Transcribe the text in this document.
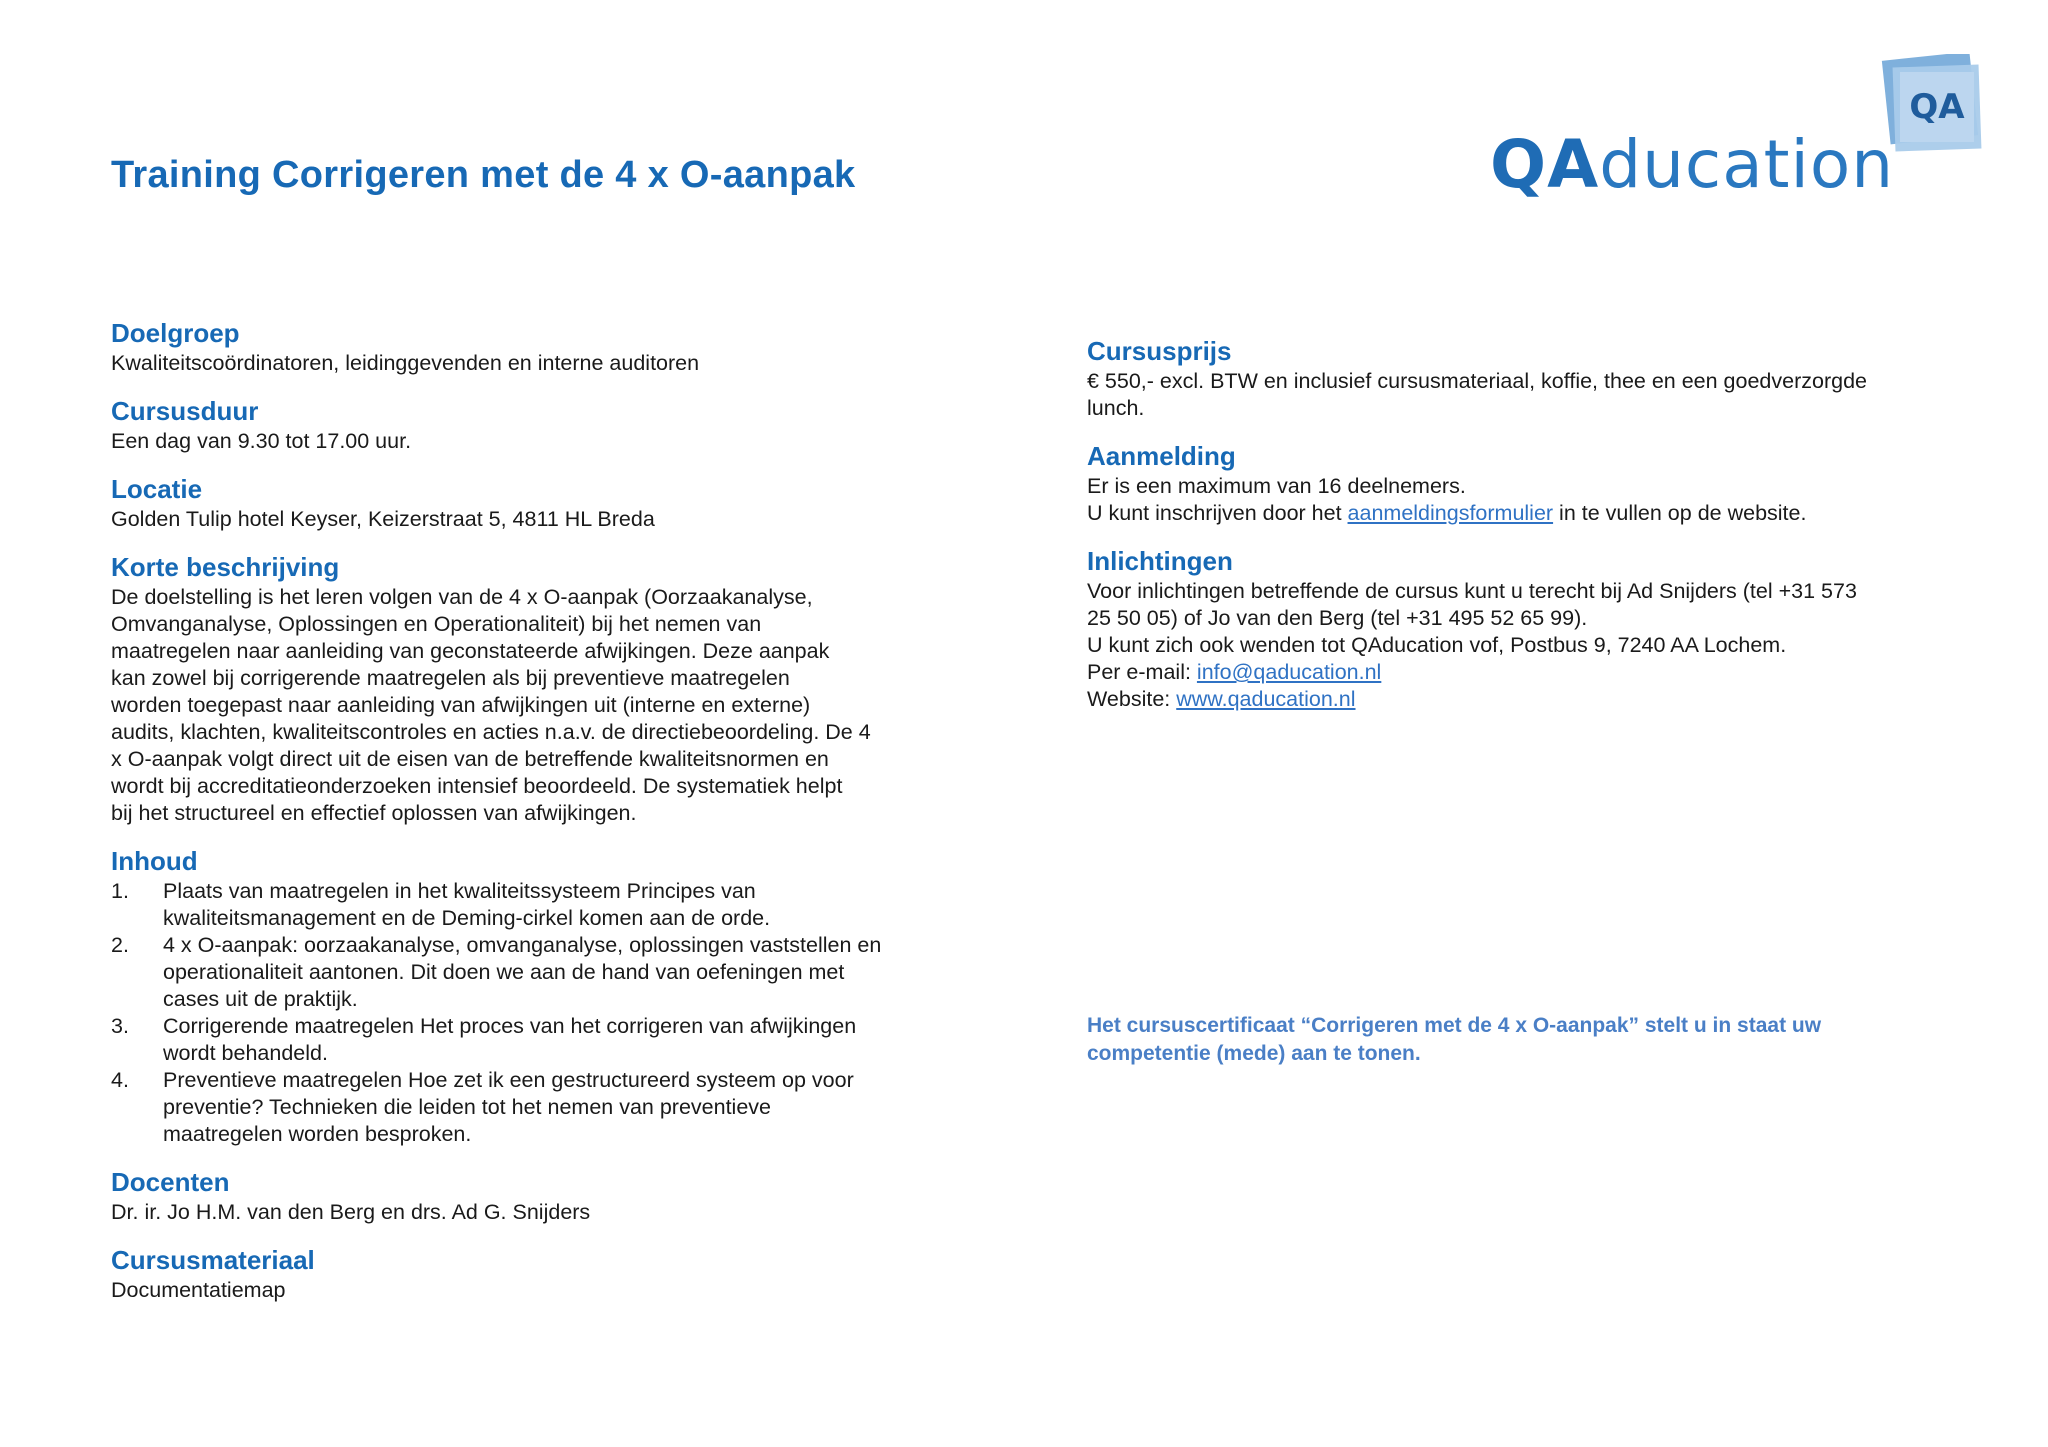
Training Corrigeren met de 4 x O-aanpak
QA
QAducation
Doelgroep

Kwaliteitscoördinatoren, leidinggevenden en interne auditoren

Cursusduur

Een dag van 9.30 tot 17.00 uur.

Locatie

Golden Tulip hotel Keyser, Keizerstraat 5, 4811 HL Breda

Korte beschrijving

De doelstelling is het leren volgen van de 4 x O-aanpak (Oorzaakanalyse,

Omvanganalyse, Oplossingen en Operationaliteit) bij het nemen van

maatregelen naar aanleiding van geconstateerde afwijkingen. Deze aanpak

kan zowel bij corrigerende maatregelen als bij preventieve maatregelen

worden toegepast naar aanleiding van afwijkingen uit (interne en externe)

audits, klachten, kwaliteitscontroles en acties n.a.v. de directiebeoordeling. De 4

x O-aanpak volgt direct uit de eisen van de betreffende kwaliteitsnormen en

wordt bij accreditatieonderzoeken intensief beoordeeld. De systematiek helpt

bij het structureel en effectief oplossen van afwijkingen.

Inhoud
1.	Plaats van maatregelen in het kwaliteitssysteem Principes van
kwaliteitsmanagement en de Deming-cirkel komen aan de orde.
2.	4 x O-aanpak: oorzaakanalyse, omvanganalyse, oplossingen vaststellen en
operationaliteit aantonen. Dit doen we aan de hand van oefeningen met
cases uit de praktijk.
3.	Corrigerende maatregelen Het proces van het corrigeren van afwijkingen
wordt behandeld.
4.	Preventieve maatregelen Hoe zet ik een gestructureerd systeem op voor
preventie? Technieken die leiden tot het nemen van preventieve
maatregelen worden besproken.
Docenten

Dr. ir. Jo H.M. van den Berg en drs. Ad G. Snijders

Cursusmateriaal

Documentatiemap

Cursusprijs

€ 550,- excl. BTW en inclusief cursusmateriaal, koffie, thee en een goedverzorgde

lunch.

Aanmelding

Er is een maximum van 16 deelnemers.

U kunt inschrijven door het aanmeldingsformulier in te vullen op de website.

Inlichtingen

Voor inlichtingen betreffende de cursus kunt u terecht bij Ad Snijders (tel +31 573

25 50 05) of Jo van den Berg (tel +31 495 52 65 99).

U kunt zich ook wenden tot QAducation vof, Postbus 9, 7240 AA Lochem.

Per e-mail: info@qaducation.nl

Website: www.qaducation.nl

Het cursuscertificaat “Corrigeren met de 4 x O-aanpak” stelt u in staat uw
competentie (mede) aan te tonen.
